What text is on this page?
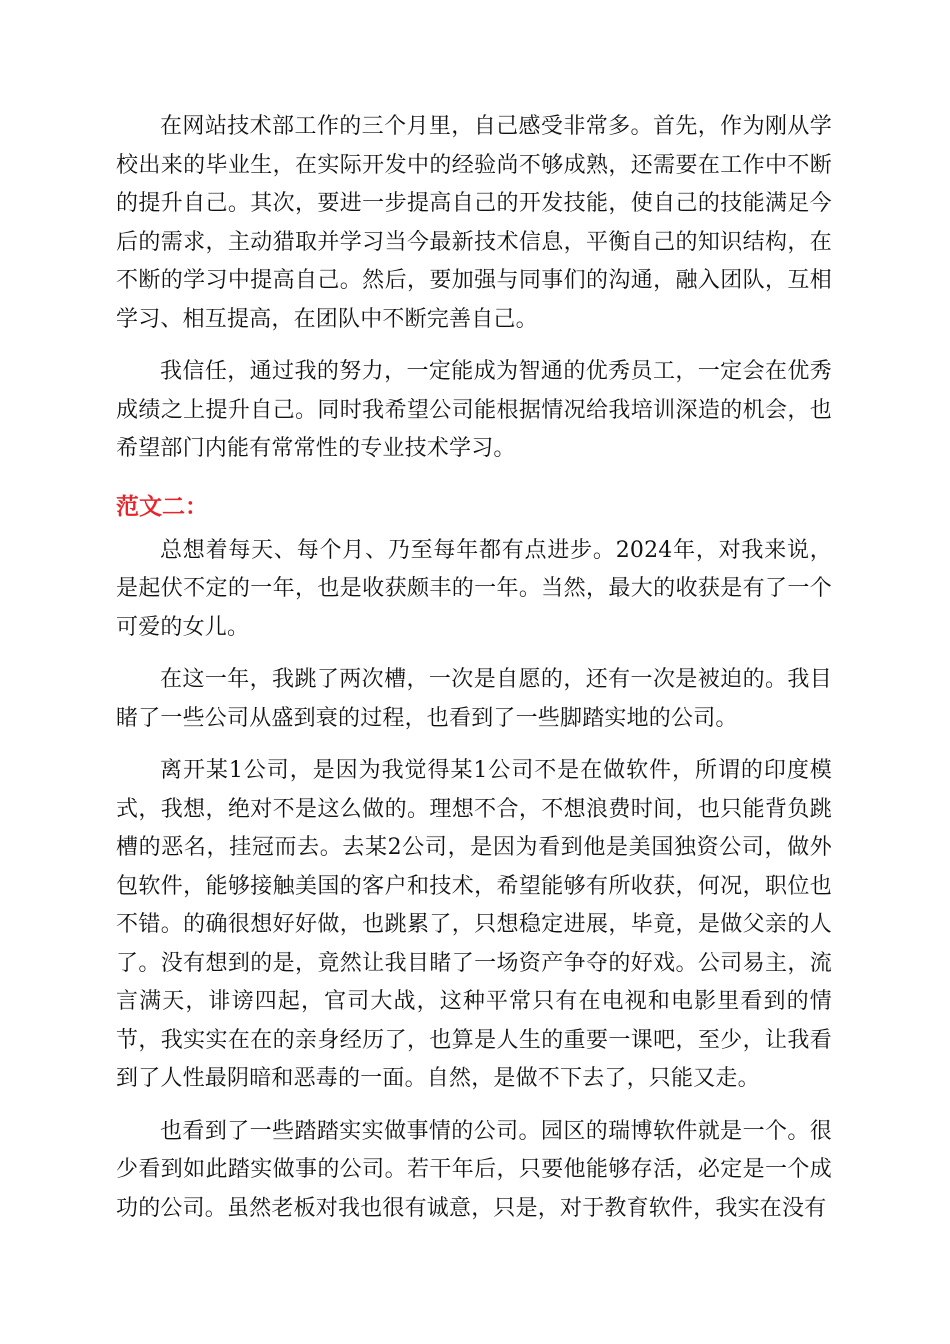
在网站技术部工作的三个月里，自己感受非常多。首先，作为刚从学校出来的毕业生，在实际开发中的经验尚不够成熟，还需要在工作中不断的提升自己。其次，要进一步提高自己的开发技能，使自己的技能满足今后的需求，主动猎取并学习当今最新技术信息，平衡自己的知识结构，在不断的学习中提高自己。然后，要加强与同事们的沟通，融入团队，互相学习、相互提高，在团队中不断完善自己。

我信任，通过我的努力，一定能成为智通的优秀员工，一定会在优秀成绩之上提升自己。同时我希望公司能根据情况给我培训深造的机会，也希望部门内能有常常性的专业技术学习。

范文二：

总想着每天、每个月、乃至每年都有点进步。2024年，对我来说，是起伏不定的一年，也是收获颇丰的一年。当然，最大的收获是有了一个可爱的女儿。

在这一年，我跳了两次槽，一次是自愿的，还有一次是被迫的。我目睹了一些公司从盛到衰的过程，也看到了一些脚踏实地的公司。

离开某1公司，是因为我觉得某1公司不是在做软件，所谓的印度模式，我想，绝对不是这么做的。理想不合，不想浪费时间，也只能背负跳槽的恶名，挂冠而去。去某2公司，是因为看到他是美国独资公司，做外包软件，能够接触美国的客户和技术，希望能够有所收获，何况，职位也不错。的确很想好好做，也跳累了，只想稳定进展，毕竟，是做父亲的人了。没有想到的是，竟然让我目睹了一场资产争夺的好戏。公司易主，流言满天，诽谤四起，官司大战，这种平常只有在电视和电影里看到的情节，我实实在在的亲身经历了，也算是人生的重要一课吧，至少，让我看到了人性最阴暗和恶毒的一面。自然，是做不下去了，只能又走。

也看到了一些踏踏实实做事情的公司。园区的瑞博软件就是一个。很少看到如此踏实做事的公司。若干年后，只要他能够存活，必定是一个成功的公司。虽然老板对我也很有诚意，只是，对于教育软件，我实在没有
